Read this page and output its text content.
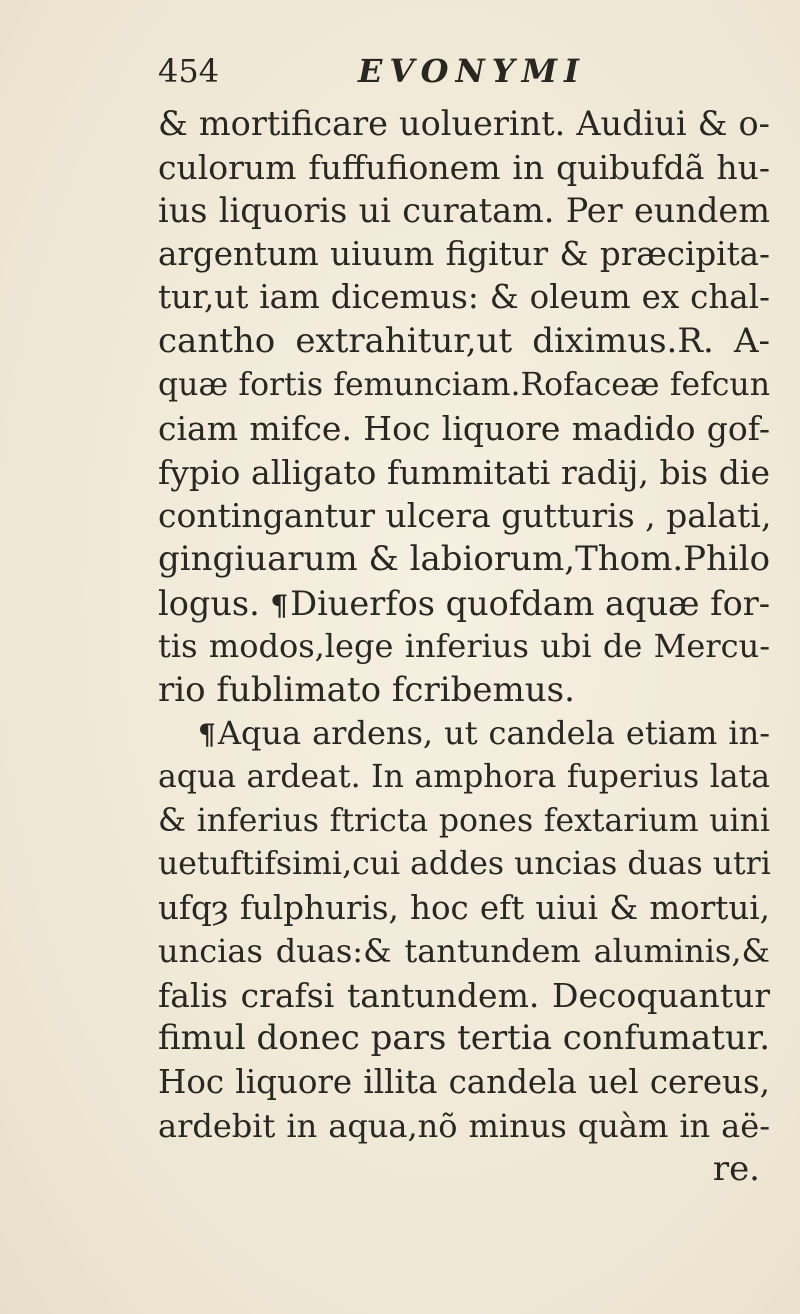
454	EVONYMI
& mortificare uoluerint. Audiui & o-
culorum fuffufionem in quibufdã hu-
ius liquoris ui curatam. Per eundem
argentum uiuum figitur & præcipita-
tur,ut iam dicemus: & oleum ex chal-
cantho extrahitur,ut diximus.R. A-
quæ fortis femunciam.Rofaceæ fefcun
ciam mifce. Hoc liquore madido gof-
fypio alligato fummitati radij, bis die
contingantur ulcera gutturis , palati,
gingiuarum & labiorum,Thom.Philo
logus. ¶Diuerfos quofdam aquæ for-
tis modos,lege inferius ubi de Mercu-
rio fublimato fcribemus.
¶Aqua ardens, ut candela etiam in-
aqua ardeat. In amphora fuperius lata
& inferius ftricta pones fextarium uini
uetuftifsimi,cui addes uncias duas utri
ufqȝ fulphuris, hoc eft uiui & mortui,
uncias duas:& tantundem aluminis,&
falis crafsi tantundem. Decoquantur
fimul donec pars tertia confumatur.
Hoc liquore illita candela uel cereus,
ardebit in aqua,nõ minus quàm in aë-
re.
